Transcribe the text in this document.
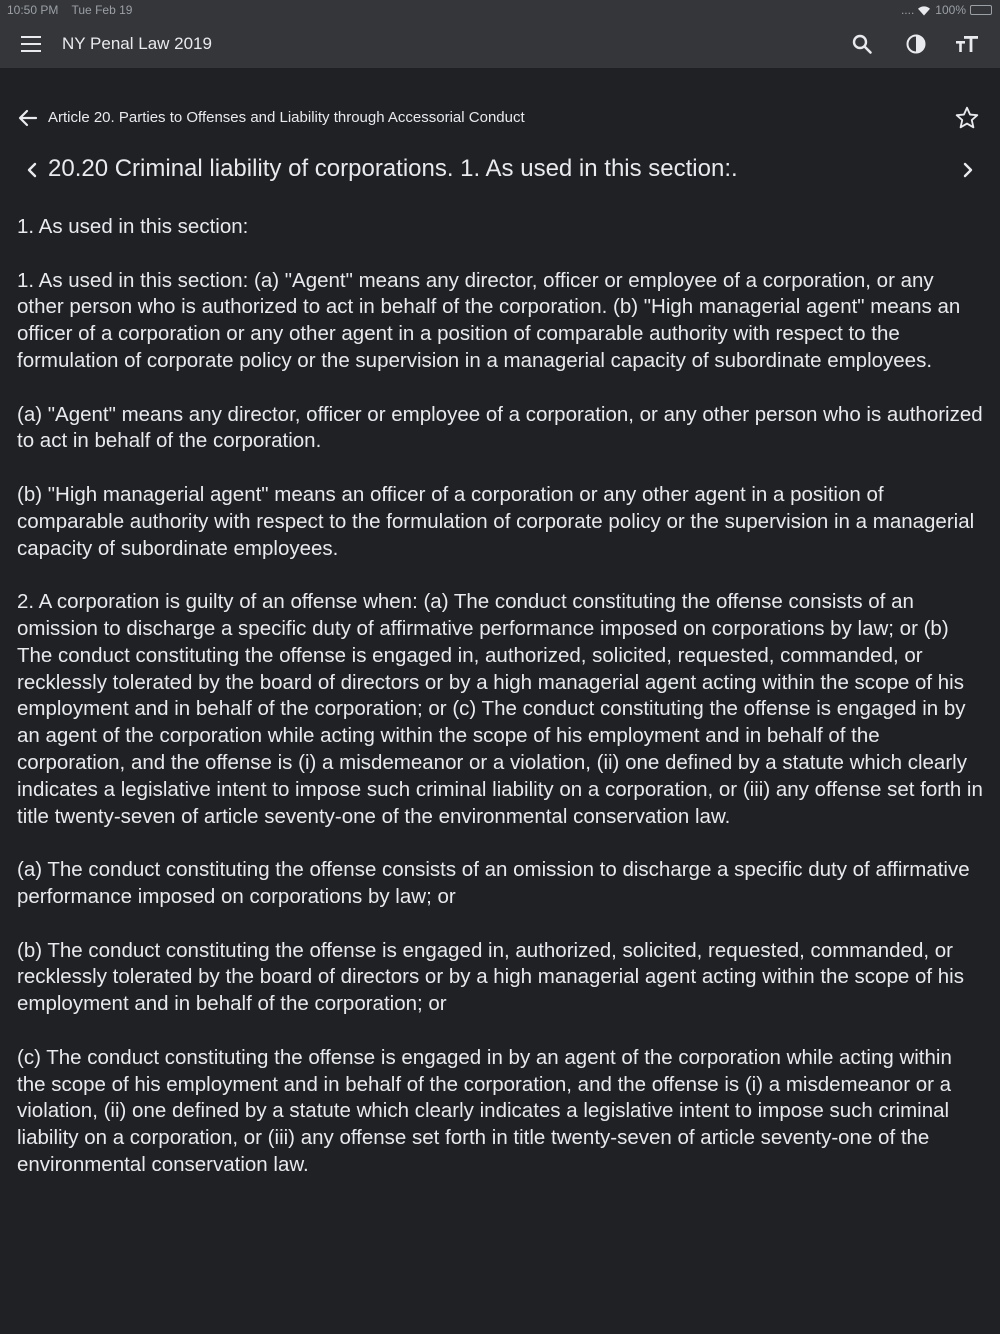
10:50 PM Tue Feb 19	.... 100%
NY Penal Law 2019
Article 20. Parties to Offenses and Liability through Accessorial Conduct
20.20 Criminal liability of corporations. 1. As used in this section:.

1. As used in this section:

1. As used in this section: (a) "Agent" means any director, officer or employee of a corporation, or any other person who is authorized to act in behalf of the corporation. (b) "High managerial agent" means an officer of a corporation or any other agent in a position of comparable authority with respect to the formulation of corporate policy or the supervision in a managerial capacity of subordinate employees.

(a) "Agent" means any director, officer or employee of a corporation, or any other person who is authorized to act in behalf of the corporation.

(b) "High managerial agent" means an officer of a corporation or any other agent in a position of comparable authority with respect to the formulation of corporate policy or the supervision in a managerial capacity of subordinate employees.

2. A corporation is guilty of an offense when: (a) The conduct constituting the offense consists of an omission to discharge a specific duty of affirmative performance imposed on corporations by law; or (b) The conduct constituting the offense is engaged in, authorized, solicited, requested, commanded, or recklessly tolerated by the board of directors or by a high managerial agent acting within the scope of his employment and in behalf of the corporation; or (c) The conduct constituting the offense is engaged in by an agent of the corporation while acting within the scope of his employment and in behalf of the corporation, and the offense is (i) a misdemeanor or a violation, (ii) one defined by a statute which clearly indicates a legislative intent to impose such criminal liability on a corporation, or (iii) any offense set forth in title twenty-seven of article seventy-one of the environmental conservation law.

(a) The conduct constituting the offense consists of an omission to discharge a specific duty of affirmative performance imposed on corporations by law; or

(b) The conduct constituting the offense is engaged in, authorized, solicited, requested, commanded, or recklessly tolerated by the board of directors or by a high managerial agent acting within the scope of his employment and in behalf of the corporation; or

(c) The conduct constituting the offense is engaged in by an agent of the corporation while acting within the scope of his employment and in behalf of the corporation, and the offense is (i) a misdemeanor or a violation, (ii) one defined by a statute which clearly indicates a legislative intent to impose such criminal liability on a corporation, or (iii) any offense set forth in title twenty-seven of article seventy-one of the environmental conservation law.
